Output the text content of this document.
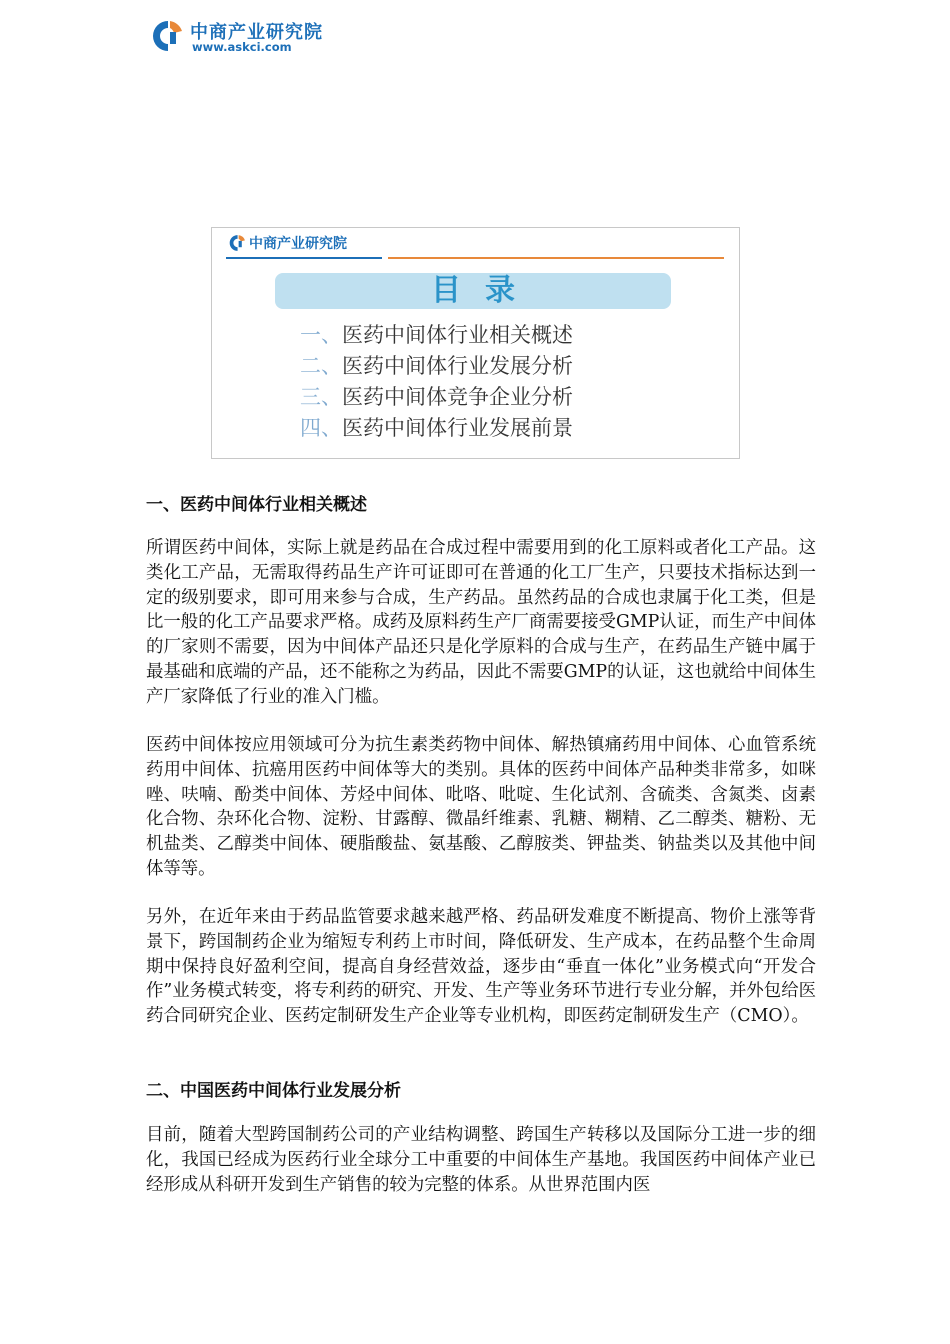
中商产业研究院
www.askci.com
中商产业研究院
目录
一、医药中间体行业相关概述
二、医药中间体行业发展分析
三、医药中间体竞争企业分析
四、医药中间体行业发展前景
一、医药中间体行业相关概述

所谓医药中间体，实际上就是药品在合成过程中需要用到的化工原料或者化工产品。这类化工产品，无需取得药品生产许可证即可在普通的化工厂生产，只要技术指标达到一定的级别要求，即可用来参与合成，生产药品。虽然药品的合成也隶属于化工类，但是比一般的化工产品要求严格。成药及原料药生产厂商需要接受GMP认证，而生产中间体的厂家则不需要，因为中间体产品还只是化学原料的合成与生产，在药品生产链中属于最基础和底端的产品，还不能称之为药品，因此不需要GMP的认证，这也就给中间体生产厂家降低了行业的准入门槛。

医药中间体按应用领域可分为抗生素类药物中间体、解热镇痛药用中间体、心血管系统药用中间体、抗癌用医药中间体等大的类别。具体的医药中间体产品种类非常多，如咪唑、呋喃、酚类中间体、芳烃中间体、吡咯、吡啶、生化试剂、含硫类、含氮类、卤素化合物、杂环化合物、淀粉、甘露醇、微晶纤维素、乳糖、糊精、乙二醇类、糖粉、无机盐类、乙醇类中间体、硬脂酸盐、氨基酸、乙醇胺类、钾盐类、钠盐类以及其他中间体等等。

另外，在近年来由于药品监管要求越来越严格、药品研发难度不断提高、物价上涨等背景下，跨国制药企业为缩短专利药上市时间，降低研发、生产成本，在药品整个生命周期中保持良好盈利空间，提高自身经营效益，逐步由“垂直一体化”业务模式向“开发合作”业务模式转变，将专利药的研究、开发、生产等业务环节进行专业分解，并外包给医药合同研究企业、医药定制研发生产企业等专业机构，即医药定制研发生产（CMO）。

二、中国医药中间体行业发展分析

目前，随着大型跨国制药公司的产业结构调整、跨国生产转移以及国际分工进一步的细化，我国已经成为医药行业全球分工中重要的中间体生产基地。我国医药中间体产业已经形成从科研开发到生产销售的较为完整的体系。从世界范围内医
